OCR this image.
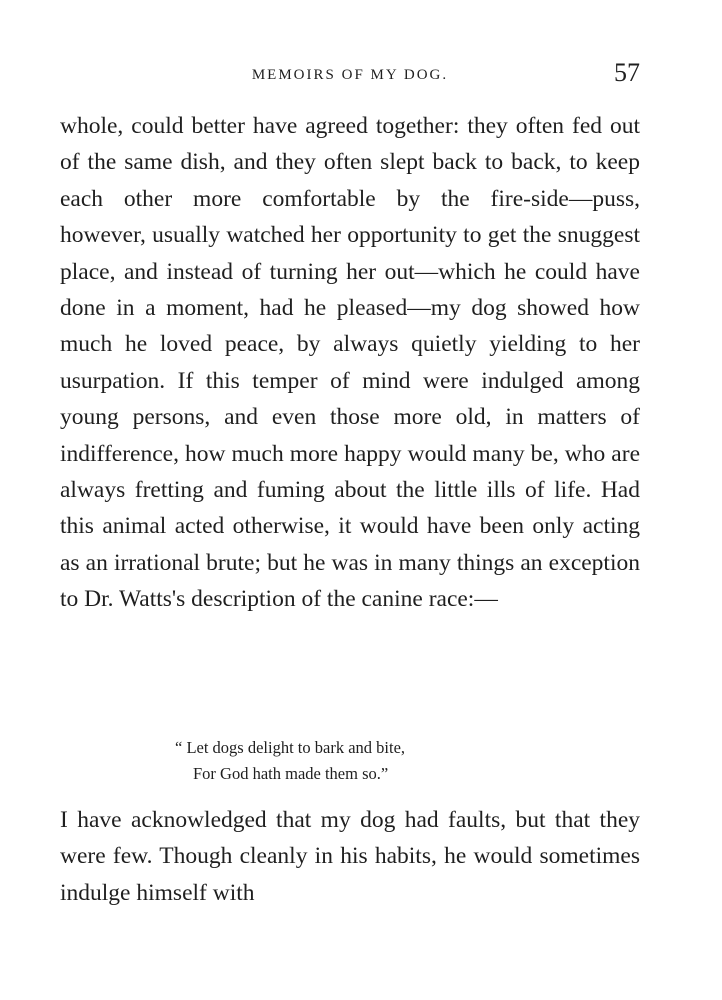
MEMOIRS OF MY DOG.	57

whole, could better have agreed together: they often fed out of the same dish, and they often slept back to back, to keep each other more comfortable by the fire-side—puss, however, usually watched her opportunity to get the snuggest place, and instead of turning her out—which he could have done in a moment, had he pleased—my dog showed how much he loved peace, by always quietly yielding to her usurpation. If this temper of mind were indulged among young persons, and even those more old, in matters of indifference, how much more happy would many be, who are always fretting and fuming about the little ills of life. Had this animal acted otherwise, it would have been only acting as an irrational brute; but he was in many things an exception to Dr. Watts's description of the canine race:—

“ Let dogs delight to bark and bite,
For God hath made them so.”

I have acknowledged that my dog had faults, but that they were few. Though cleanly in his habits, he would sometimes indulge himself with
